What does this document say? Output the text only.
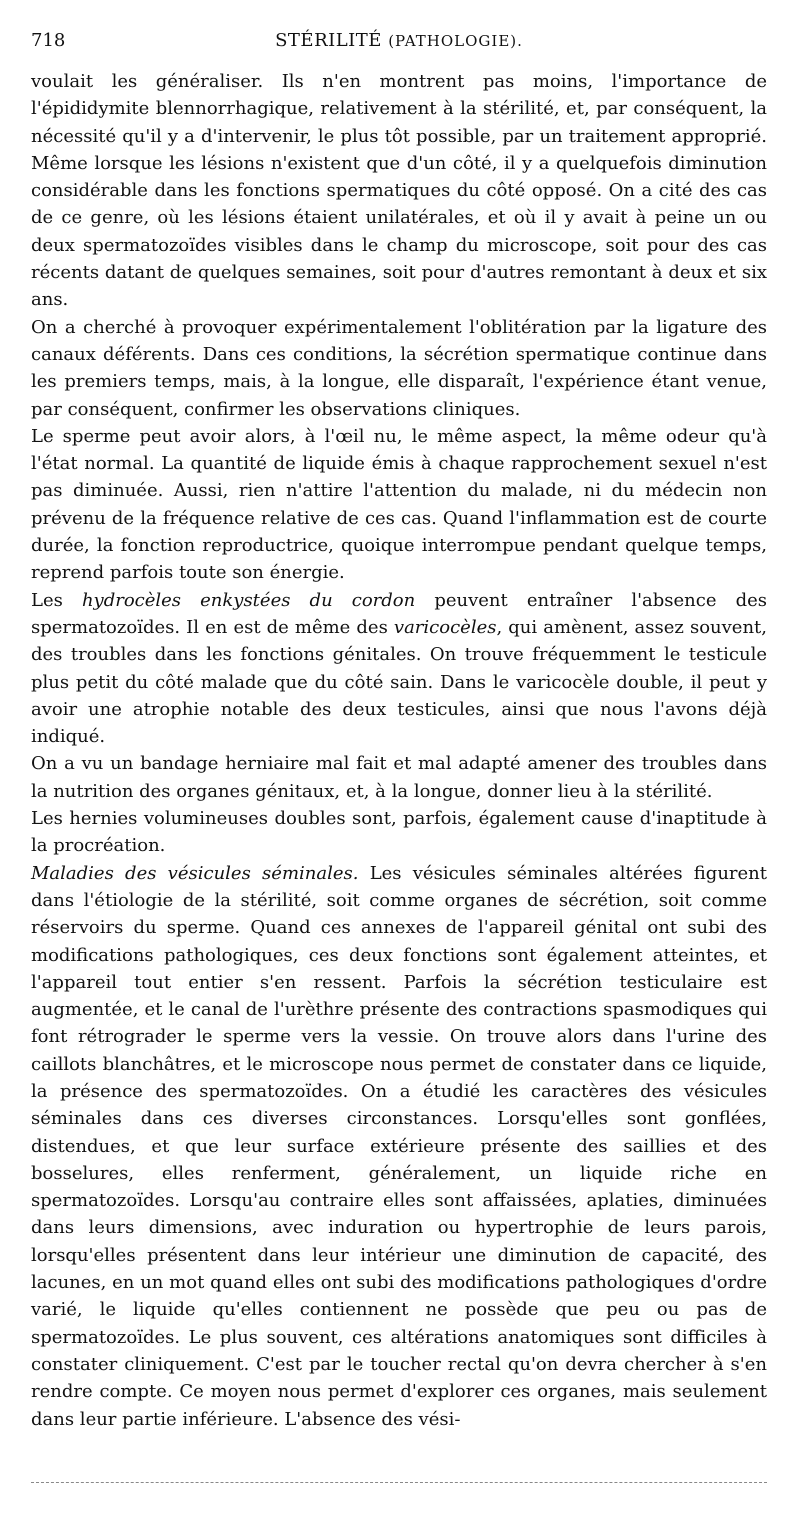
718	STÉRILITÉ (PATHOLOGIE).

voulait les généraliser. Ils n'en montrent pas moins, l'importance de l'épididymite blennorrhagique, relativement à la stérilité, et, par conséquent, la nécessité qu'il y a d'intervenir, le plus tôt possible, par un traitement approprié. Même lorsque les lésions n'existent que d'un côté, il y a quelquefois diminution considérable dans les fonctions spermatiques du côté opposé. On a cité des cas de ce genre, où les lésions étaient unilatérales, et où il y avait à peine un ou deux spermatozoïdes visibles dans le champ du microscope, soit pour des cas récents datant de quelques semaines, soit pour d'autres remontant à deux et six ans.

On a cherché à provoquer expérimentalement l'oblitération par la ligature des canaux déférents. Dans ces conditions, la sécrétion spermatique continue dans les premiers temps, mais, à la longue, elle disparaît, l'expérience étant venue, par conséquent, confirmer les observations cliniques.

Le sperme peut avoir alors, à l'œil nu, le même aspect, la même odeur qu'à l'état normal. La quantité de liquide émis à chaque rapprochement sexuel n'est pas diminuée. Aussi, rien n'attire l'attention du malade, ni du médecin non prévenu de la fréquence relative de ces cas. Quand l'inflammation est de courte durée, la fonction reproductrice, quoique interrompue pendant quelque temps, reprend parfois toute son énergie.

Les hydrocèles enkystées du cordon peuvent entraîner l'absence des spermatozoïdes. Il en est de même des varicocèles, qui amènent, assez souvent, des troubles dans les fonctions génitales. On trouve fréquemment le testicule plus petit du côté malade que du côté sain. Dans le varicocèle double, il peut y avoir une atrophie notable des deux testicules, ainsi que nous l'avons déjà indiqué.

On a vu un bandage herniaire mal fait et mal adapté amener des troubles dans la nutrition des organes génitaux, et, à la longue, donner lieu à la stérilité.

Les hernies volumineuses doubles sont, parfois, également cause d'inaptitude à la procréation.

Maladies des vésicules séminales. Les vésicules séminales altérées figurent dans l'étiologie de la stérilité, soit comme organes de sécrétion, soit comme réservoirs du sperme. Quand ces annexes de l'appareil génital ont subi des modifications pathologiques, ces deux fonctions sont également atteintes, et l'appareil tout entier s'en ressent. Parfois la sécrétion testiculaire est augmentée, et le canal de l'urèthre présente des contractions spasmodiques qui font rétrograder le sperme vers la vessie. On trouve alors dans l'urine des caillots blanchâtres, et le microscope nous permet de constater dans ce liquide, la présence des spermatozoïdes. On a étudié les caractères des vésicules séminales dans ces diverses circonstances. Lorsqu'elles sont gonflées, distendues, et que leur surface extérieure présente des saillies et des bosselures, elles renferment, généralement, un liquide riche en spermatozoïdes. Lorsqu'au contraire elles sont affaissées, aplaties, diminuées dans leurs dimensions, avec induration ou hypertrophie de leurs parois, lorsqu'elles présentent dans leur intérieur une diminution de capacité, des lacunes, en un mot quand elles ont subi des modifications pathologiques d'ordre varié, le liquide qu'elles contiennent ne possède que peu ou pas de spermatozoïdes. Le plus souvent, ces altérations anatomiques sont difficiles à constater cliniquement. C'est par le toucher rectal qu'on devra chercher à s'en rendre compte. Ce moyen nous permet d'explorer ces organes, mais seulement dans leur partie inférieure. L'absence des vési-
